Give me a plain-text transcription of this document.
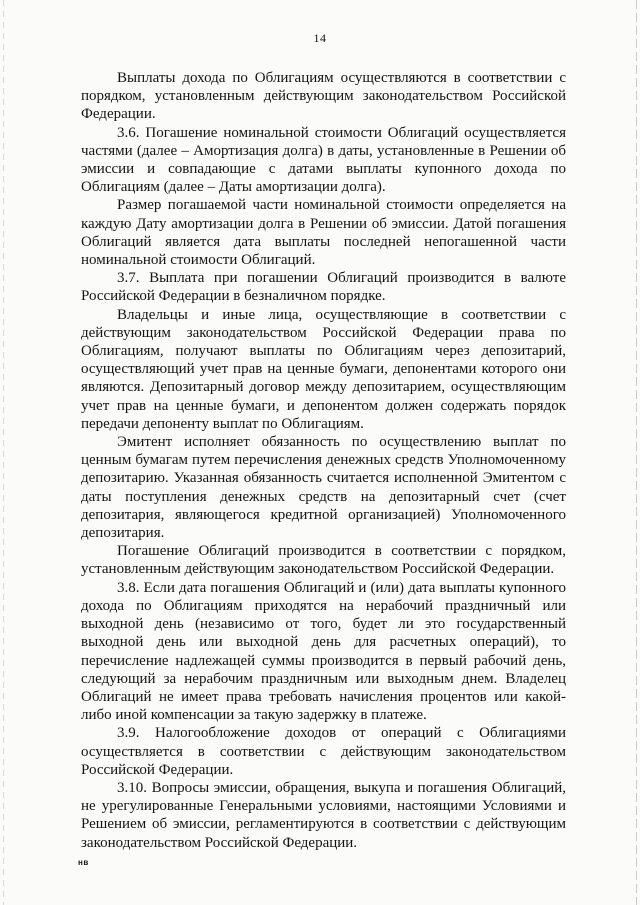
14

Выплаты дохода по Облигациям осуществляются в соответствии с порядком, установленным действующим законодательством Российской Федерации.

3.6. Погашение номинальной стоимости Облигаций осуществляется частями (далее – Амортизация долга) в даты, установленные в Решении об эмиссии и совпадающие с датами выплаты купонного дохода по Облигациям (далее – Даты амортизации долга).

Размер погашаемой части номинальной стоимости определяется на каждую Дату амортизации долга в Решении об эмиссии. Датой погашения Облигаций является дата выплаты последней непогашенной части номинальной стоимости Облигаций.

3.7. Выплата при погашении Облигаций производится в валюте Российской Федерации в безналичном порядке.

Владельцы и иные лица, осуществляющие в соответствии с действующим законодательством Российской Федерации права по Облигациям, получают выплаты по Облигациям через депозитарий, осуществляющий учет прав на ценные бумаги, депонентами которого они являются. Депозитарный договор между депозитарием, осуществляющим учет прав на ценные бумаги, и депонентом должен содержать порядок передачи депоненту выплат по Облигациям.

Эмитент исполняет обязанность по осуществлению выплат по ценным бумагам путем перечисления денежных средств Уполномоченному депозитарию. Указанная обязанность считается исполненной Эмитентом с даты поступления денежных средств на депозитарный счет (счет депозитария, являющегося кредитной организацией) Уполномоченного депозитария.

Погашение Облигаций производится в соответствии с порядком, установленным действующим законодательством Российской Федерации.

3.8. Если дата погашения Облигаций и (или) дата выплаты купонного дохода по Облигациям приходятся на нерабочий праздничный или выходной день (независимо от того, будет ли это государственный выходной день или выходной день для расчетных операций), то перечисление надлежащей суммы производится в первый рабочий день, следующий за нерабочим праздничным или выходным днем. Владелец Облигаций не имеет права требовать начисления процентов или какой-либо иной компенсации за такую задержку в платеже.

3.9. Налогообложение доходов от операций с Облигациями осуществляется в соответствии с действующим законодательством Российской Федерации.

3.10. Вопросы эмиссии, обращения, выкупа и погашения Облигаций, не урегулированные Генеральными условиями, настоящими Условиями и Решением об эмиссии, регламентируются в соответствии с действующим законодательством Российской Федерации.

нв
